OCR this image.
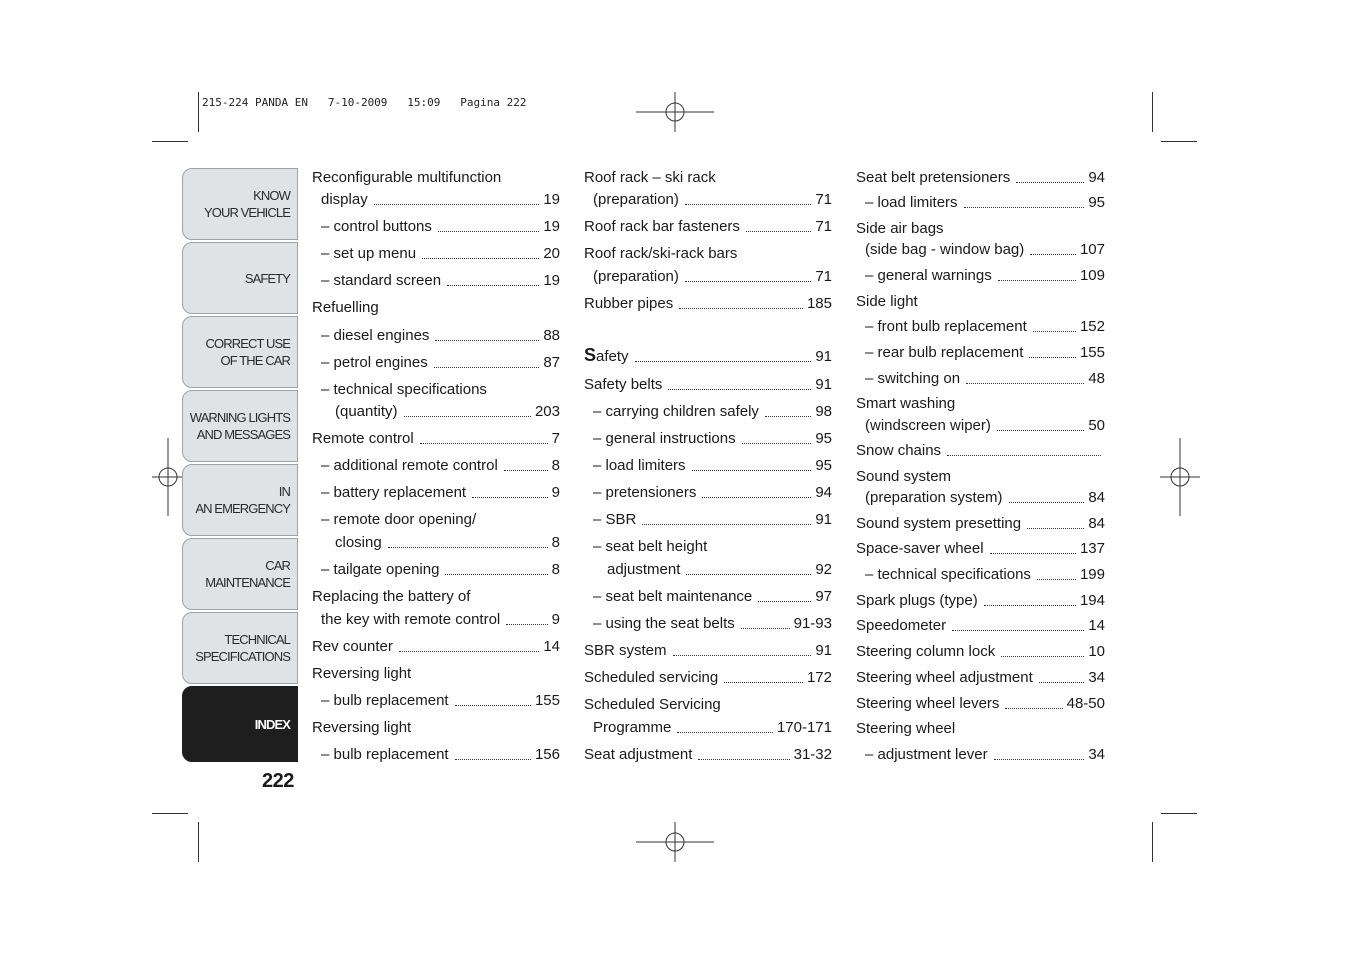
215-224 PANDA EN   7-10-2009   15:09   Pagina 222
KNOW
YOUR VEHICLE
SAFETY
CORRECT USE
OF THE CAR
WARNING LIGHTS
AND MESSAGES
IN
AN EMERGENCY
CAR
MAINTENANCE
TECHNICAL
SPECIFICATIONS
INDEX
222
Reconfigurable multifunction
display	19
– control buttons	19
– set up menu	20
– standard screen	19
Refuelling
– diesel engines	88
– petrol engines	87
– technical specifications
(quantity)	203
Remote control	7
– additional remote control	8
– battery replacement	9
– remote door opening/
closing	8
– tailgate opening	8
Replacing the battery of
the key with remote control	9
Rev counter	14
Reversing light
– bulb replacement	155
Reversing light
– bulb replacement	156
Roof rack – ski rack
(preparation)	71
Roof rack bar fasteners	71
Roof rack/ski-rack bars
(preparation)	71
Rubber pipes	185
Safety	91
Safety belts	91
– carrying children safely	98
– general instructions	95
– load limiters	95
– pretensioners	94
– SBR	91
– seat belt height
adjustment	92
– seat belt maintenance	97
– using the seat belts	91-93
SBR system	91
Scheduled servicing	172
Scheduled Servicing
Programme	170-171
Seat adjustment	31-32
Seat belt pretensioners	94
– load limiters	95
Side air bags
(side bag - window bag)	107
– general warnings	109
Side light
– front bulb replacement	152
– rear bulb replacement	155
– switching on	48
Smart washing
(windscreen wiper)	50
Snow chains
Sound system
(preparation system)	84
Sound system presetting	84
Space-saver wheel	137
– technical specifications	199
Spark plugs (type)	194
Speedometer	14
Steering column lock	10
Steering wheel adjustment	34
Steering wheel levers	48-50
Steering wheel
– adjustment lever	34
